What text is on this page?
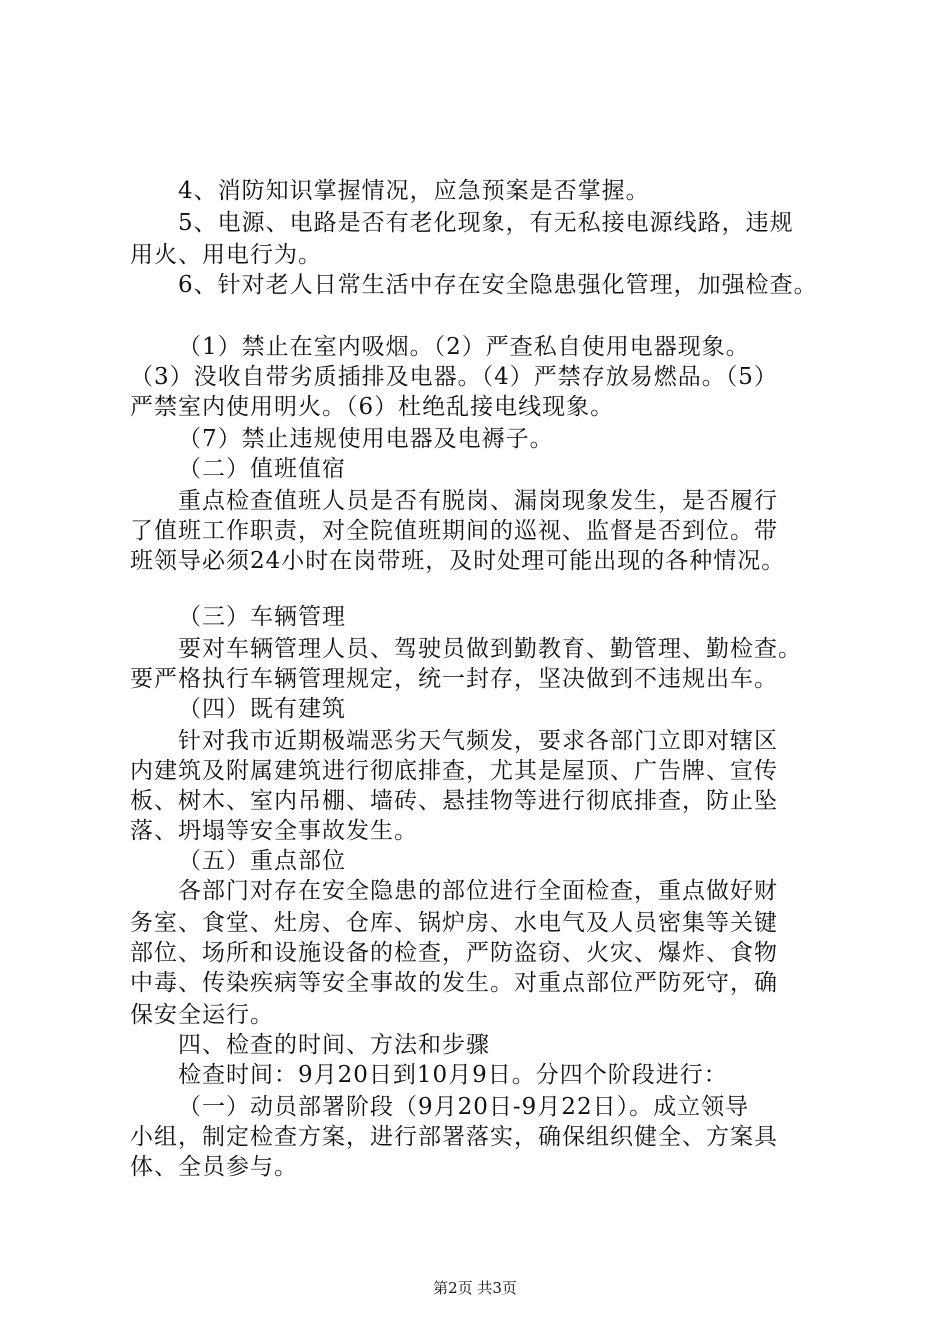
4、消防知识掌握情况，应急预案是否掌握。
5、电源、电路是否有老化现象，有无私接电源线路，违规
用火、用电行为。
6、针对老人日常生活中存在安全隐患强化管理，加强检查。
（1）禁止在室内吸烟。（2）严查私自使用电器现象。
（3）没收自带劣质插排及电器。（4）严禁存放易燃品。（5）
严禁室内使用明火。（6）杜绝乱接电线现象。
（7）禁止违规使用电器及电褥子。
（二）值班值宿
重点检查值班人员是否有脱岗、漏岗现象发生，是否履行
了值班工作职责，对全院值班期间的巡视、监督是否到位。带
班领导必须24小时在岗带班，及时处理可能出现的各种情况。
（三）车辆管理
要对车辆管理人员、驾驶员做到勤教育、勤管理、勤检查。
要严格执行车辆管理规定，统一封存，坚决做到不违规出车。
（四）既有建筑
针对我市近期极端恶劣天气频发，要求各部门立即对辖区
内建筑及附属建筑进行彻底排查，尤其是屋顶、广告牌、宣传
板、树木、室内吊棚、墙砖、悬挂物等进行彻底排查，防止坠
落、坍塌等安全事故发生。
（五）重点部位
各部门对存在安全隐患的部位进行全面检查，重点做好财
务室、食堂、灶房、仓库、锅炉房、水电气及人员密集等关键
部位、场所和设施设备的检查，严防盗窃、火灾、爆炸、食物
中毒、传染疾病等安全事故的发生。对重点部位严防死守，确
保安全运行。
四、检查的时间、方法和步骤
检查时间：9月20日到10月9日。分四个阶段进行：
（一）动员部署阶段（9月20日-9月22日）。成立领导
小组，制定检查方案，进行部署落实，确保组织健全、方案具
体、全员参与。
第2页 共3页
